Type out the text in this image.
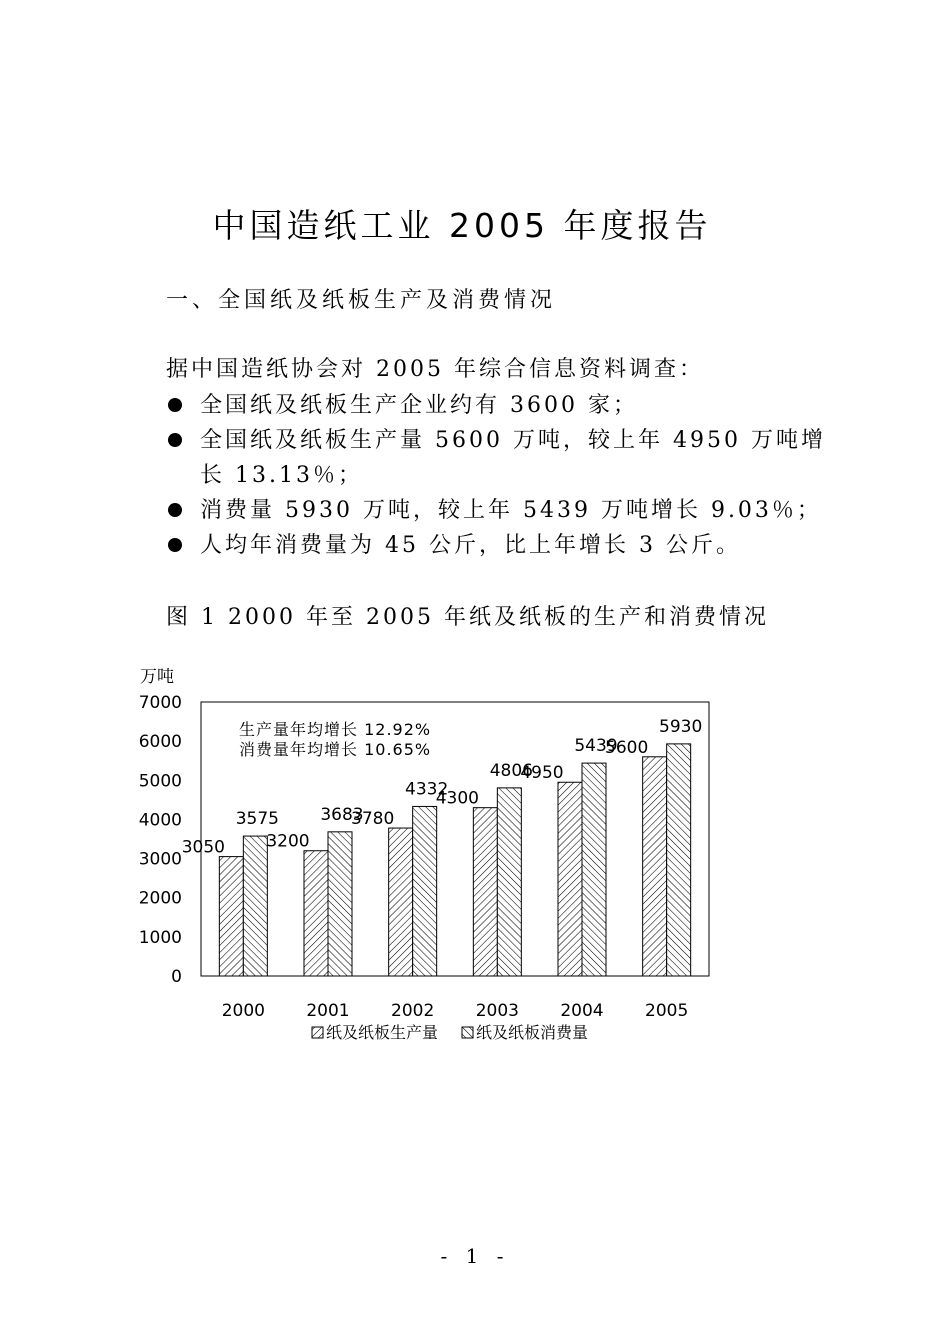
中国造纸工业 2005 年度报告
一、全国纸及纸板生产及消费情况
据中国造纸协会对 2005 年综合信息资料调查：
全国纸及纸板生产企业约有 3600 家；
全国纸及纸板生产量 5600 万吨，较上年 4950 万吨增长 13.13％；
消费量 5930 万吨，较上年 5439 万吨增长 9.03％；
人均年消费量为 45 公斤，比上年增长 3 公斤。
图 1 2000 年至 2005 年纸及纸板的生产和消费情况
万吨
生产量年均增长 12.92%
消费量年均增长 10.65%
0
1000
2000
3000
4000
5000
6000
7000
3050
3575
2000
3200
3683
2001
3780
4332
2002
4300
4806
2003
4950
5439
2004
5600
5930
2005
纸及纸板生产量 纸及纸板消费量
- 1 -
